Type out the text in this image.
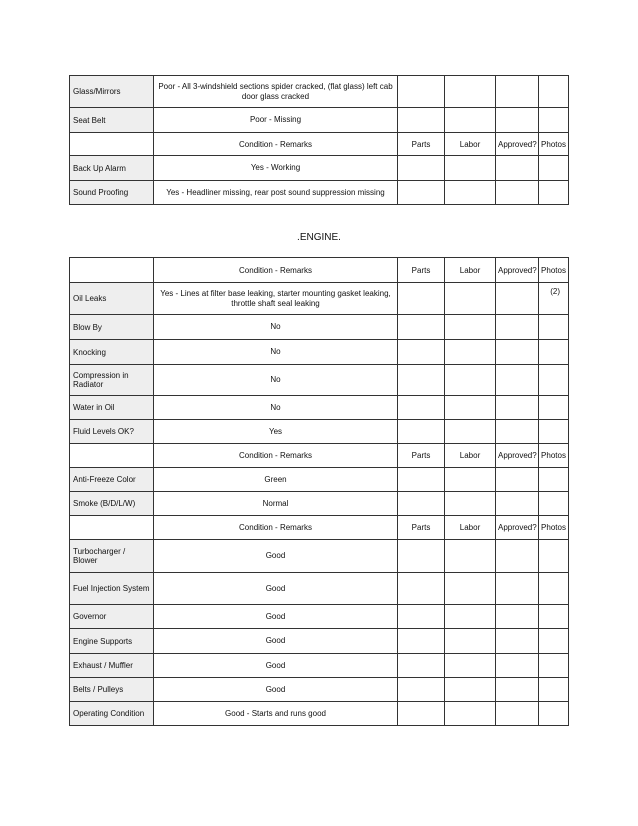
Glass/Mirrors	Poor - All 3-windshield sections spider cracked, (flat glass) left cab door glass cracked				
Seat Belt	Poor - Missing				
	Condition - Remarks	Parts	Labor	Approved?	Photos
Back Up Alarm	Yes - Working				
Sound Proofing	Yes - Headliner missing, rear post sound suppression missing				
.ENGINE.
	Condition - Remarks	Parts	Labor	Approved?	Photos
Oil Leaks	Yes - Lines at filter base leaking, starter mounting gasket leaking, throttle shaft seal leaking				(2)
Blow By	No				
Knocking	No				
Compression in Radiator	No				
Water in Oil	No				
Fluid Levels OK?	Yes				
	Condition - Remarks	Parts	Labor	Approved?	Photos
Anti-Freeze Color	Green				
Smoke (B/D/L/W)	Normal				
	Condition - Remarks	Parts	Labor	Approved?	Photos
Turbocharger / Blower	Good				
Fuel Injection System	Good				
Governor	Good				
Engine Supports	Good				
Exhaust / Muffler	Good				
Belts / Pulleys	Good				
Operating Condition	Good - Starts and runs good				
